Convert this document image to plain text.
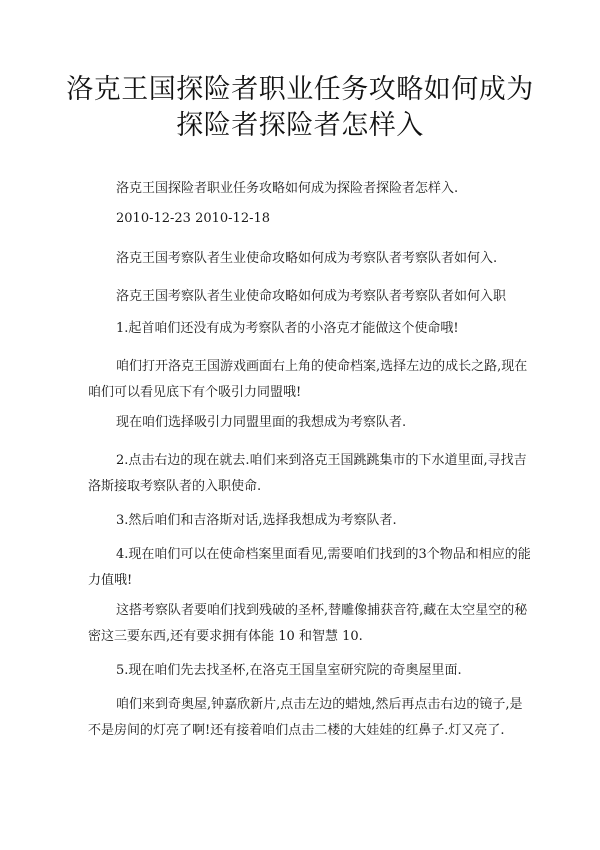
洛克王国探险者职业任务攻略如何成为
探险者探险者怎样入

洛克王国探险者职业任务攻略如何成为探险者探险者怎样入.

2010-12-23 2010-12-18

洛克王国考察队者生业使命攻略如何成为考察队者考察队者如何入.

洛克王国考察队者生业使命攻略如何成为考察队者考察队者如何入职

1.起首咱们还没有成为考察队者的小洛克才能做这个使命哦!

咱们打开洛克王国游戏画面右上角的使命档案,选择左边的成长之路,现在
咱们可以看见底下有个吸引力同盟哦!

现在咱们选择吸引力同盟里面的我想成为考察队者.

2.点击右边的现在就去.咱们来到洛克王国跳跳集市的下水道里面,寻找吉
洛斯接取考察队者的入职使命.

3.然后咱们和吉洛斯对话,选择我想成为考察队者.

4.现在咱们可以在使命档案里面看见,需要咱们找到的3个物品和相应的能
力值哦!

这搭考察队者要咱们找到残破的圣杯,替雕像捕获音符,藏在太空星空的秘
密这三要东西,还有要求拥有体能 10 和智慧 10.

5.现在咱们先去找圣杯,在洛克王国皇室研究院的奇奥屋里面.

咱们来到奇奥屋,钟嘉欣新片,点击左边的蜡烛,然后再点击右边的镜子,是
不是房间的灯亮了啊!还有接着咱们点击二楼的大娃娃的红鼻子.灯又亮了.
